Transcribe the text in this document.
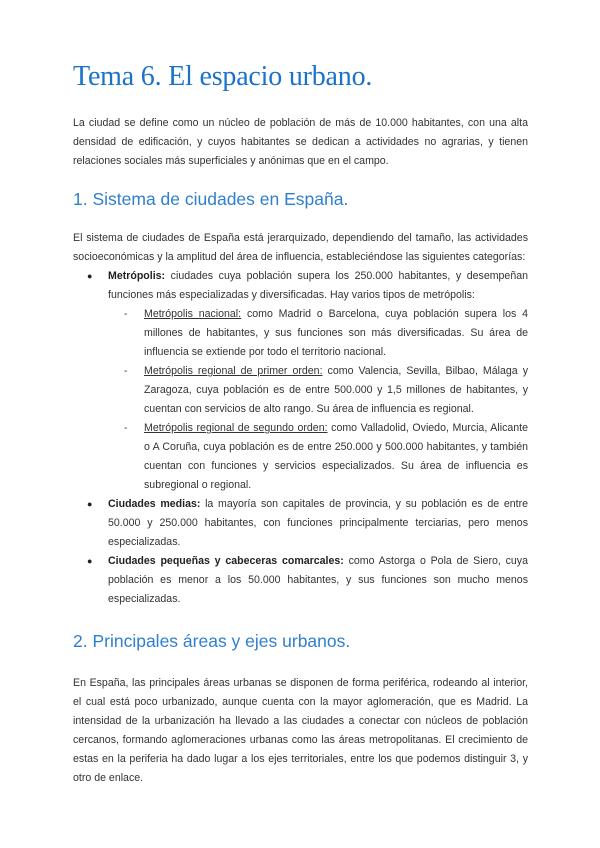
Tema 6. El espacio urbano.

La ciudad se define como un núcleo de población de más de 10.000 habitantes, con una alta densidad de edificación, y cuyos habitantes se dedican a actividades no agrarias, y tienen relaciones sociales más superficiales y anónimas que en el campo.

1. Sistema de ciudades en España.

El sistema de ciudades de España está jerarquizado, dependiendo del tamaño, las actividades socioeconómicas y la amplitud del área de influencia, estableciéndose las siguientes categorías:

● Metrópolis: ciudades cuya población supera los 250.000 habitantes, y desempeñan funciones más especializadas y diversificadas. Hay varios tipos de metrópolis:
- Metrópolis nacional: como Madrid o Barcelona, cuya población supera los 4 millones de habitantes, y sus funciones son más diversificadas. Su área de influencia se extiende por todo el territorio nacional.
- Metrópolis regional de primer orden: como Valencia, Sevilla, Bilbao, Málaga y Zaragoza, cuya población es de entre 500.000 y 1,5 millones de habitantes, y cuentan con servicios de alto rango. Su área de influencia es regional.
- Metrópolis regional de segundo orden: como Valladolid, Oviedo, Murcia, Alicante o A Coruña, cuya población es de entre 250.000 y 500.000 habitantes, y también cuentan con funciones y servicios especializados. Su área de influencia es subregional o regional.
● Ciudades medias: la mayoría son capitales de provincia, y su población es de entre 50.000 y 250.000 habitantes, con funciones principalmente terciarias, pero menos especializadas.
● Ciudades pequeñas y cabeceras comarcales: como Astorga o Pola de Siero, cuya población es menor a los 50.000 habitantes, y sus funciones son mucho menos especializadas.
2. Principales áreas y ejes urbanos.

En España, las principales áreas urbanas se disponen de forma periférica, rodeando al interior, el cual está poco urbanizado, aunque cuenta con la mayor aglomeración, que es Madrid. La intensidad de la urbanización ha llevado a las ciudades a conectar con núcleos de población cercanos, formando aglomeraciones urbanas como las áreas metropolitanas. El crecimiento de estas en la periferia ha dado lugar a los ejes territoriales, entre los que podemos distinguir 3, y otro de enlace.
